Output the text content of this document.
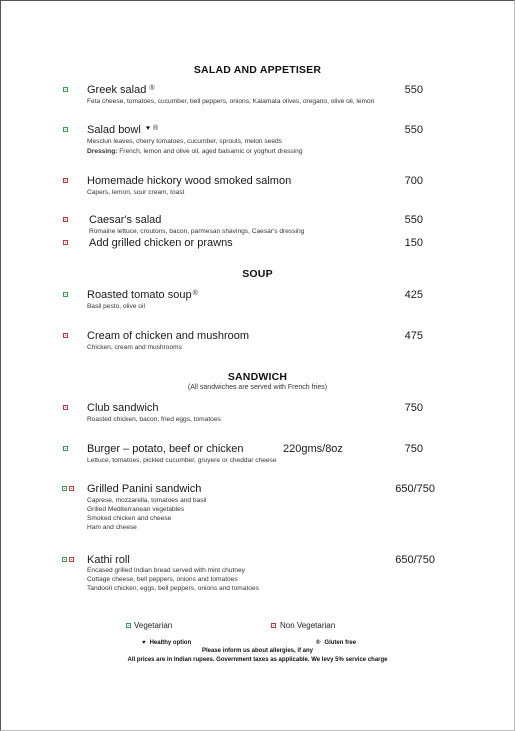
SALAD AND APPETISER
Greek salad ®	550
Feta cheese, tomatoes, cucumber, bell peppers, onions, Kalamata olives, oregano, olive oil, lemon
Salad bowl ♥ ®	550
Mesclun leaves, cherry tomatoes, cucumber, sprouts, melon seeds
Dressing: French, lemon and olive oil, aged balsamic or yoghurt dressing
Homemade hickory wood smoked salmon	700
Capers, lemon, sour cream, toast
Caesar's salad	550
Romaine lettuce, croutons, bacon, parmesan shavings, Caesar's dressing
Add grilled chicken or prawns	150
SOUP
Roasted tomato soup®	425
Basil pesto, olive oil
Cream of chicken and mushroom	475
Chicken, cream and mushrooms
SANDWICH
(All sandwiches are served with French fries)
Club sandwich	750
Roasted chicken, bacon, fried eggs, tomatoes
Burger – potato, beef or chicken	220gms/8oz	750
Lettuce, tomatoes, pickled cucumber, gruyere or cheddar cheese
Grilled Panini sandwich	650/750
Caprese, mozzarella, tomatoes and basil
Grilled Mediterranean vegetables
Smoked chicken and cheese
Ham and cheese
Kathi roll	650/750
Encased grilled Indian bread served with mint chutney
Cottage cheese, bell peppers, onions and tomatoes
Tandoori chicken, eggs, bell peppers, onions and tomatoes
Vegetarian	Non Vegetarian
♥ Healthy option	® Gluten free
Please inform us about allergies, if any
All prices are in Indian rupees. Government taxes as applicable. We levy 5% service charge
